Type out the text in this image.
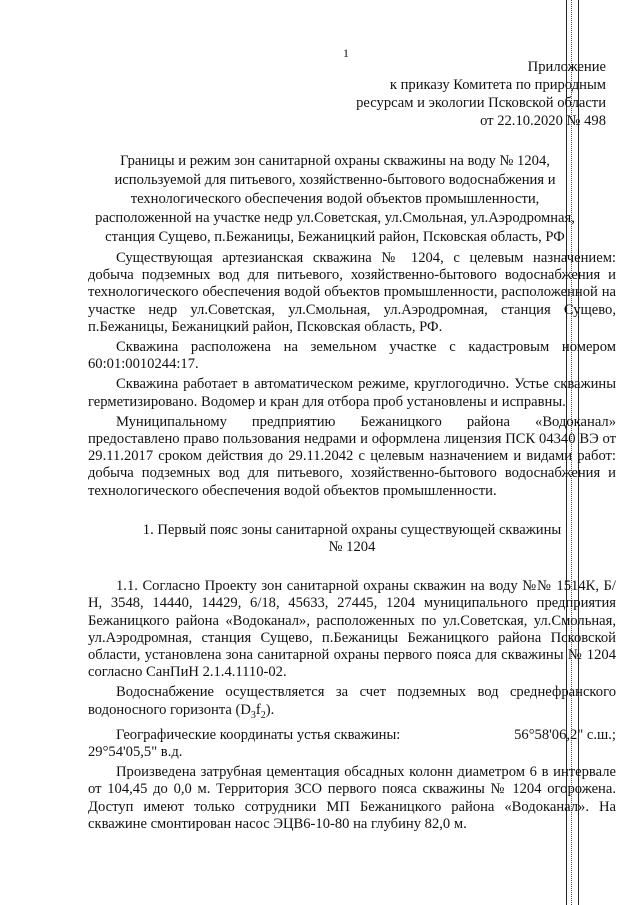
1
Приложение
к приказу Комитета по природным
ресурсам и экологии Псковской области
от 22.10.2020 № 498
Границы и режим зон санитарной охраны скважины на воду № 1204,
используемой для питьевого, хозяйственно-бытового водоснабжения и
технологического обеспечения водой объектов промышленности,
расположенной на участке недр ул.Советская, ул.Смольная, ул.Аэродромная,
станция Сущево, п.Бежаницы, Бежаницкий район, Псковская область, РФ

Существующая артезианская скважина № 1204, с целевым назначением: добыча подземных вод для питьевого, хозяйственно-бытового водоснабжения и технологического обеспечения водой объектов промышленности, расположенной на участке недр ул.Советская, ул.Смольная, ул.Аэродромная, станция Сущево, п.Бежаницы, Бежаницкий район, Псковская область, РФ.

Скважина расположена на земельном участке с кадастровым номером 60:01:0010244:17.

Скважина работает в автоматическом режиме, круглогодично. Устье скважины герметизировано. Водомер и кран для отбора проб установлены и исправны.

Муниципальному предприятию Бежаницкого района «Водоканал» предоставлено право пользования недрами и оформлена лицензия ПСК 04340 ВЭ от 29.11.2017 сроком действия до 29.11.2042 с целевым назначением и видами работ: добыча подземных вод для питьевого, хозяйственно-бытового водоснабжения и технологического обеспечения водой объектов промышленности.

1. Первый пояс зоны санитарной охраны существующей скважины
№ 1204

1.1. Согласно Проекту зон санитарной охраны скважин на воду №№ 1514К, Б/Н, 3548, 14440, 14429, 6/18, 45633, 27445, 1204 муниципального предприятия Бежаницкого района «Водоканал», расположенных по ул.Советская, ул.Смольная, ул.Аэродромная, станция Сущево, п.Бежаницы Бежаницкого района Псковской области, установлена зона санитарной охраны первого пояса для скважины № 1204 согласно СанПиН 2.1.4.1110-02.

Водоснабжение осуществляется за счет подземных вод среднефранского водоносного горизонта $(D_3f_2)$.

Географические координаты устья скважины:	56°58'06,2" с.ш.;

29°54'05,5" в.д.

Произведена затрубная цементация обсадных колонн диаметром 6 в интервале от 104,45 до 0,0 м. Территория ЗСО первого пояса скважины № 1204 огорожена. Доступ имеют только сотрудники МП Бежаницкого района «Водоканал». На скважине смонтирован насос ЭЦВ6-10-80 на глубину 82,0 м.
